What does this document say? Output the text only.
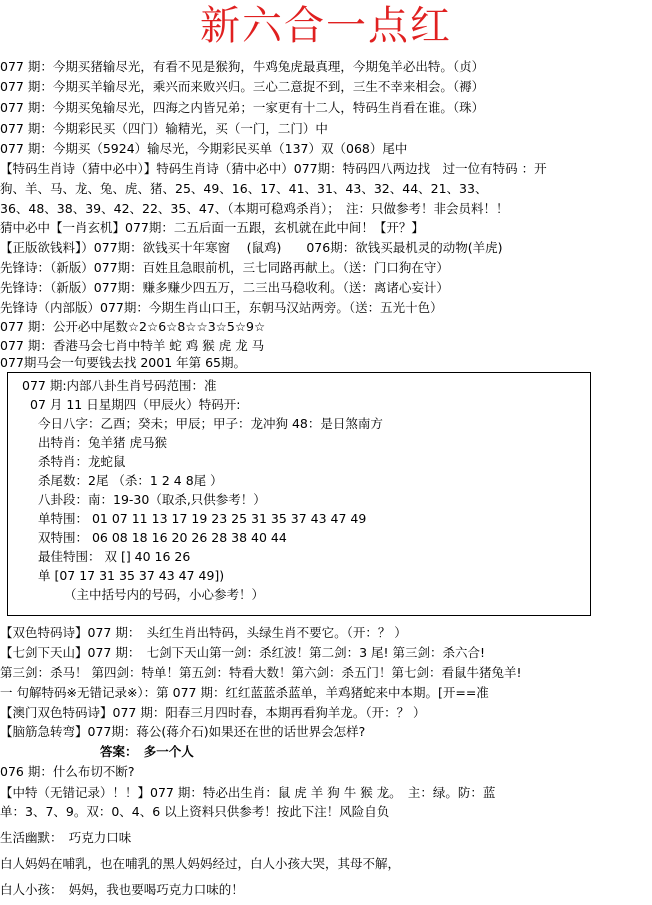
新六合一点红
077 期：今期买猪输尽光，有看不见是猴狗，牛鸡兔虎最真理，今期兔羊必出特。（贞）
077 期：今期买羊输尽光，乘兴而来败兴归。三心二意捉不到，三生不幸来相会。（褥）
077 期：今期买兔输尽光，四海之内皆兄弟；一家更有十二人，特码生肖看在谁。（珠）
077 期：今期彩民买（四门）输精光，买（一门，二门）中
077 期：今期买（5924）输尽光，今期彩民买单（137）双（068）尾中
【特码生肖诗（猜中必中）】特码生肖诗（猜中必中）077期：特码四八两边找　过一位有特码 ：开
狗、羊、马、龙、兔、虎、猪、25、49、16、17、41、31、43、32、44、21、33、
36、48、38、39、42、22、35、47、（本期可稳鸡杀肖）；　注：只做参考！非会员料！！
猜中必中【一肖玄机】077期：二五后面一五跟，玄机就在此中间！【开？】
【正版欲钱料】）077期：欲钱买十年寒窗　 (鼠鸡)　　076期：欲钱买最机灵的动物(羊虎)
先锋诗：（新版）077期：百姓且急眼前机，三七同路再献上。（送：门口狗在守）
先锋诗：（新版）077期：赚多赚少四五万，二三出马稳收利。（送：离诸心妄计）
先锋诗（内部版）077期：今期生肖山口王，东朝马汉站两旁。（送：五光十色）
077 期：公开必中尾数☆2☆6☆8☆☆3☆5☆9☆
077 期：香港马会七肖中特羊 蛇 鸡 猴 虎 龙 马
077期马会一句要钱去找 2001 年第 65期。
077 期:内部八卦生肖号码范围：准
07 月 11 日星期四（甲辰火）特码开:
今日八字：乙酉；癸未；甲辰；甲子：龙冲狗 48：是日煞南方
出特肖：兔羊猪 虎马猴
杀特肖：龙蛇鼠
杀尾数：2尾 （杀：1 2 4 8尾 ）
八卦段：南：19-30（取杀,只供参考！）
单特围： 01 07 11 13 17 19 23 25 31 35 37 43 47 49
双特围： 06 08 18 16 20 26 28 38 40 44
最佳特围： 双 [] 40 16 26
单 [07 17 31 35 37 43 47 49])
（主中括号内的号码，小心参考！）
【双色特码诗】077 期：　头红生肖出特码，头绿生肖不要它。（开：？ ）
【七剑下天山】077 期：　七剑下天山第一剑：杀红波！第二剑：3 尾! 第三剑：杀六合!
第三剑：杀马！ 第四剑：特单！第五剑：特看大数！第六剑：杀五门！第七剑：看鼠牛猪兔羊!
一 句解特码※无错记录※）：第 077 期：红红蓝蓝杀蓝单，羊鸡猪蛇来中本期。[开==准
【澳门双色特码诗】077 期：阳春三月四时春，本期再看狗羊龙。（开：？ ）
【脑筋急转弯】077期：蒋公(蒋介石)如果还在世的话世界会怎样?
　　　　　　　　答案：　多一个人
076 期：什么布切不断?
【中特（无错记录）！！】077 期：特必出生肖：鼠 虎 羊 狗 牛 猴 龙。　主：绿。防：蓝
单：3、7、9。双：0、4、6 以上资料只供参考！按此下注！风险自负
生活幽默：　巧克力口味
白人妈妈在哺乳，也在哺乳的黑人妈妈经过，白人小孩大哭，其母不解，
白人小孩：　妈妈，我也要喝巧克力口味的！
